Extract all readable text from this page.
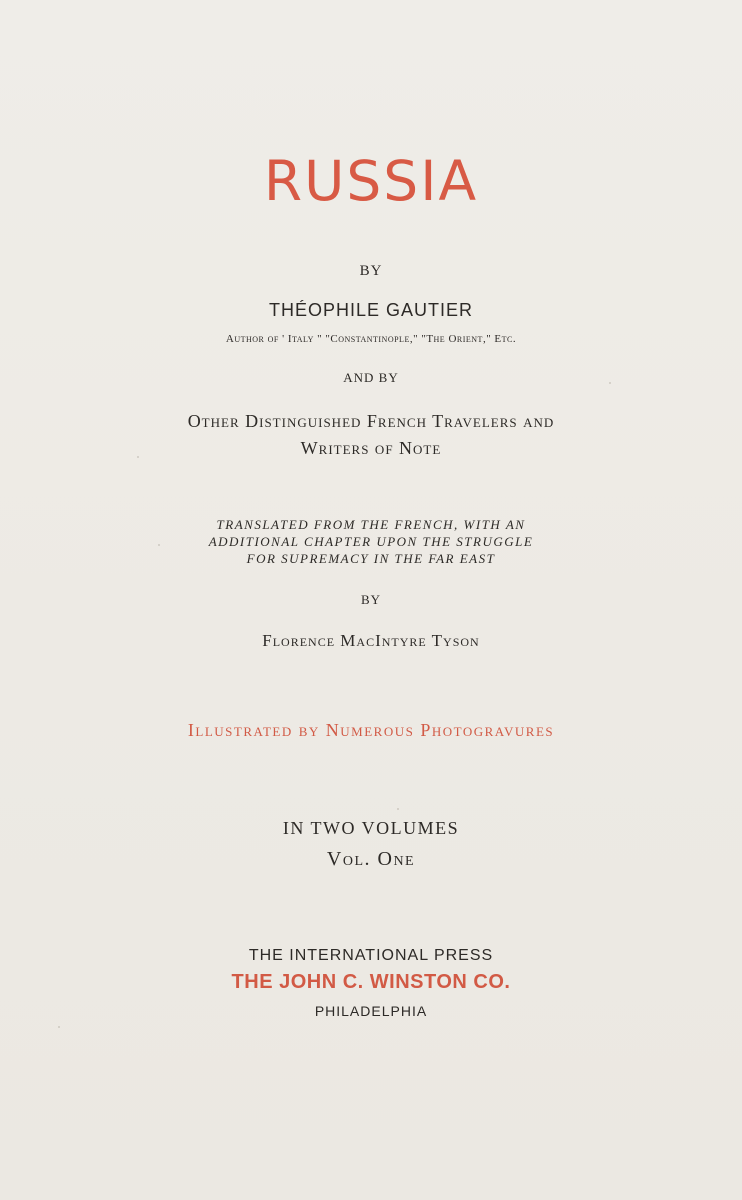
RUSSIA

BY

THÉOPHILE GAUTIER

Author of ' Italy " "Constantinople," "The Orient," Etc.

AND BY

Other Distinguished French Travelers and
Writers of Note
TRANSLATED FROM THE FRENCH, WITH AN
ADDITIONAL CHAPTER UPON THE STRUGGLE
FOR SUPREMACY IN THE FAR EAST

BY

Florence MacIntyre Tyson

Illustrated by Numerous Photogravures

IN TWO VOLUMES

Vol. One

THE INTERNATIONAL PRESS

THE JOHN C. WINSTON CO.

PHILADELPHIA
